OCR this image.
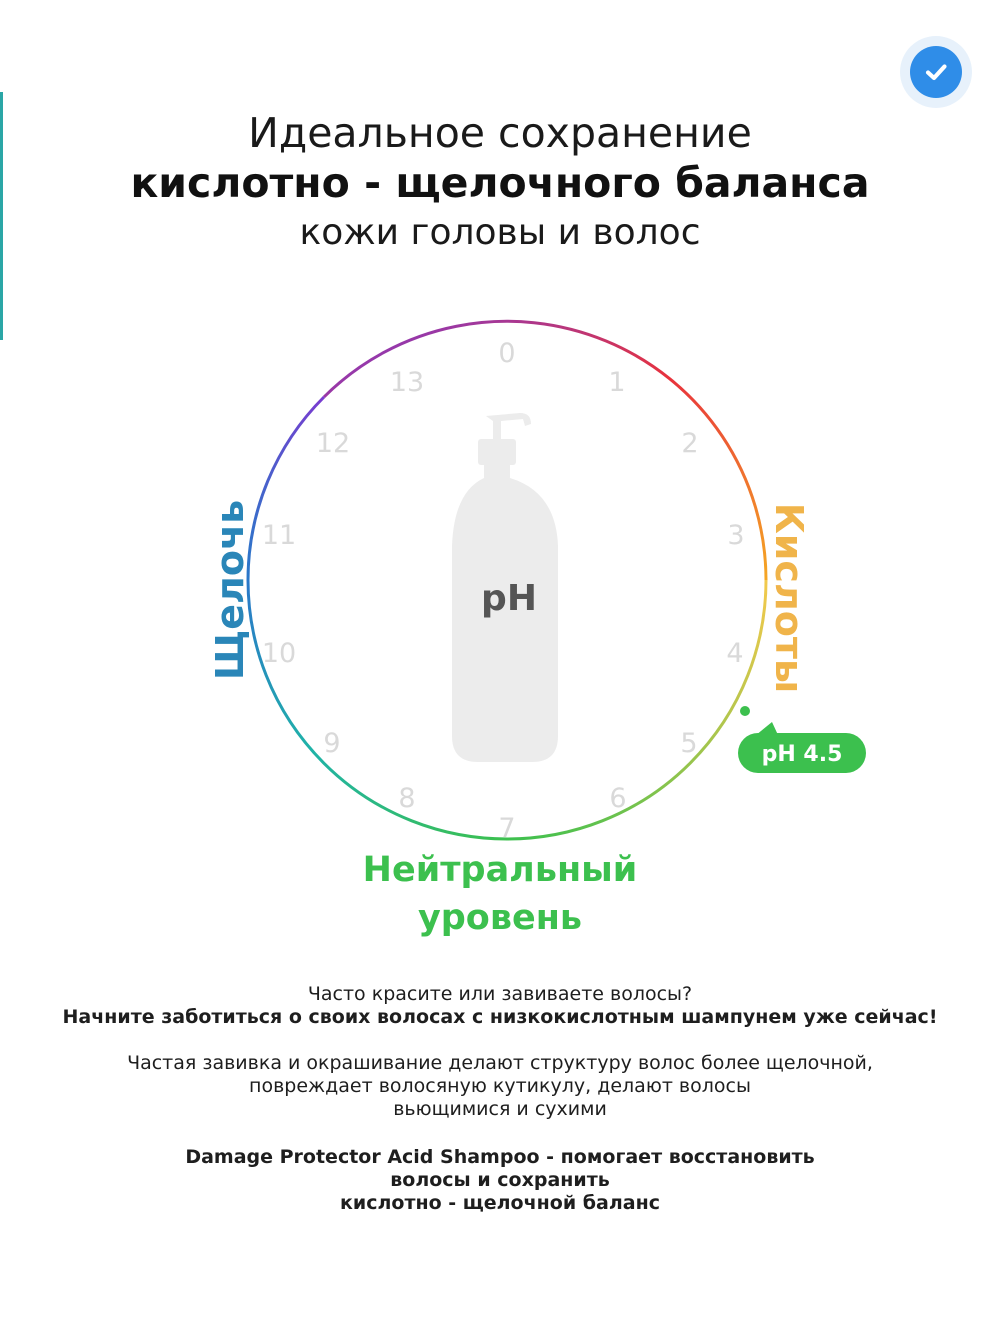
Идеальное сохранение
кислотно - щелочного баланса
кожи головы и волос
pH
0
1
2
3
4
5
6
7
8
9
10
11
12
13
Щелочь	Кислоты
pH 4.5
Нейтральный
уровень
Часто красите или завиваете волосы?
Начните заботиться о своих волосах с низкокислотным шампунем уже сейчас!
Частая завивка и окрашивание делают структуру волос более щелочной,
повреждает волосяную кутикулу, делают волосы
вьющимися и сухими
Damage Protector Acid Shampoo - помогает восстановить
волосы и сохранить
кислотно - щелочной баланс
